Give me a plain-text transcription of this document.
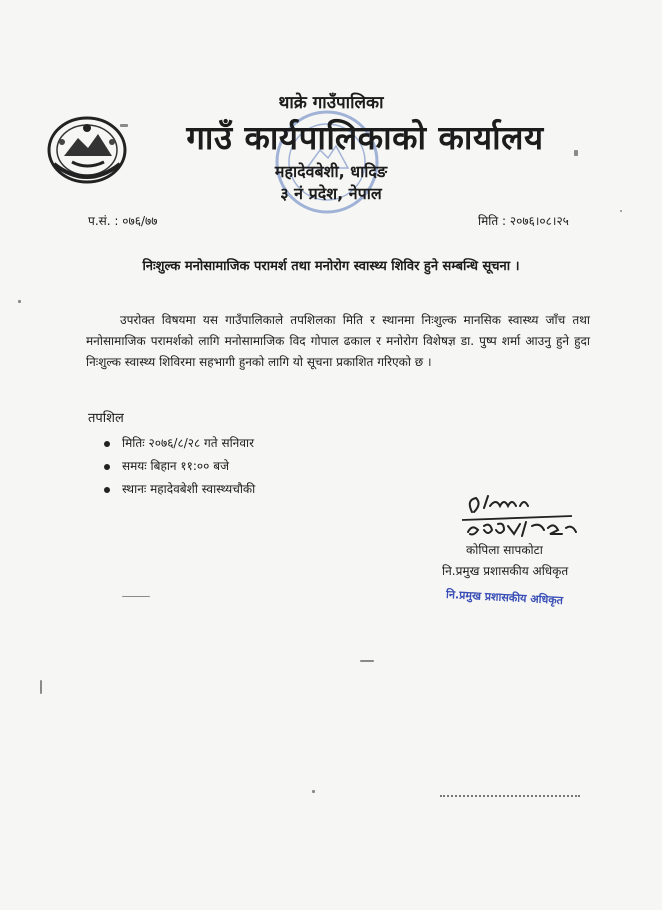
थाक्रे गाउँपालिका
गाउँ कार्यपालिकाको कार्यालय
महादेवबेशी, धादिङ
३ नं प्रदेश, नेपाल
प.सं. : ०७६/७७	मिति : २०७६।०८।२५
निःशुल्क मनोसामाजिक परामर्श तथा मनोरोग स्वास्थ्य शिविर हुने सम्बन्धि सूचना ।
उपरोक्त विषयमा यस गाउँपालिकाले तपशिलका मिति र स्थानमा निःशुल्क मानसिक स्वास्थ्य जाँच तथा मनोसामाजिक परामर्शको लागि मनोसामाजिक विद गोपाल ढकाल र मनोरोग विशेषज्ञ डा. पुष्प शर्मा आउनु हुने हुदा निःशुल्क स्वास्थ्य शिविरमा सहभागी हुनको लागि यो सूचना प्रकाशित गरिएको छ ।
तपशिल
मितिः २०७६/८/२८ गते सनिवार
समयः बिहान ११:०० बजे
स्थानः महादेवबेशी स्वास्थ्यचौकी
कोपिला सापकोटा
नि.प्रमुख प्रशासकीय अधिकृत
नि.प्रमुख प्रशासकीय अधिकृत
